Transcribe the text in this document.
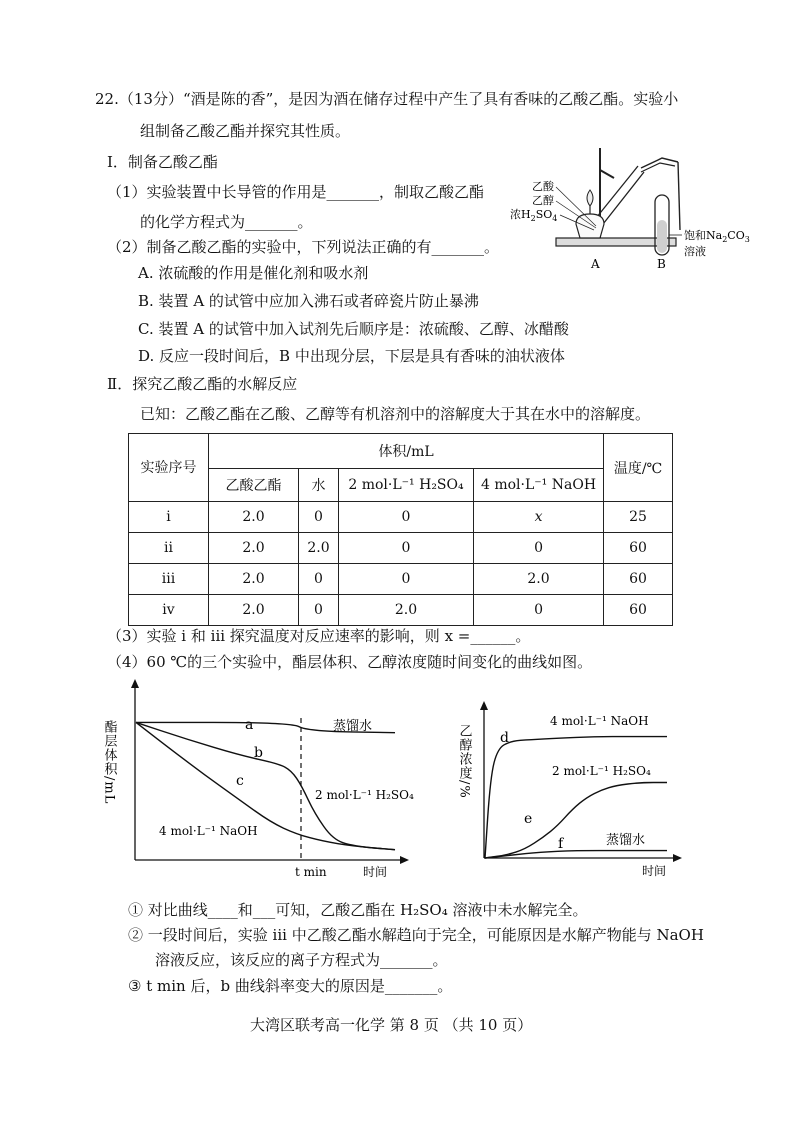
22.（13分）“酒是陈的香”，是因为酒在储存过程中产生了具有香味的乙酸乙酯。实验小
组制备乙酸乙酯并探究其性质。
I．制备乙酸乙酯
（1）实验装置中长导管的作用是_______，制取乙酸乙酯
的化学方程式为_______。
（2）制备乙酸乙酯的实验中，下列说法正确的有_______。
A. 浓硫酸的作用是催化剂和吸水剂
B. 装置 A 的试管中应加入沸石或者碎瓷片防止暴沸
C. 装置 A 的试管中加入试剂先后顺序是：浓硫酸、乙醇、冰醋酸
D. 反应一段时间后，B 中出现分层，下层是具有香味的油状液体
乙酸
乙醇
浓$H_2SO_4$
饱和$Na_2CO_3$
溶液
A	B
Ⅱ．探究乙酸乙酯的水解反应
已知：乙酸乙酯在乙酸、乙醇等有机溶剂中的溶解度大于其在水中的溶解度。
实验序号	体积/mL				温度/℃
	乙酸乙酯	水	2 mol·L⁻¹ H₂SO₄	4 mol·L⁻¹ NaOH	
i	2.0	0	0	x	25
ii	2.0	2.0	0	0	60
iii	2.0	0	0	2.0	60
iv	2.0	0	2.0	0	60
（3）实验 i 和 iii 探究温度对反应速率的影响，则 x =______。
（4）60 ℃的三个实验中，酯层体积、乙醇浓度随时间变化的曲线如图。
酯层体积/mL
t min	时间
a
b
c
蒸馏水
2 mol·L⁻¹ H₂SO₄
4 mol·L⁻¹ NaOH
乙醇浓度/%
时间
d
e
f
4 mol·L⁻¹ NaOH
2 mol·L⁻¹ H₂SO₄
蒸馏水
① 对比曲线____和___可知，乙酸乙酯在 H₂SO₄ 溶液中未水解完全。
② 一段时间后，实验 iii 中乙酸乙酯水解趋向于完全，可能原因是水解产物能与 NaOH
溶液反应，该反应的离子方程式为_______。
③ t min 后，b 曲线斜率变大的原因是_______。
大湾区联考高一化学 第 8 页 （共 10 页）
